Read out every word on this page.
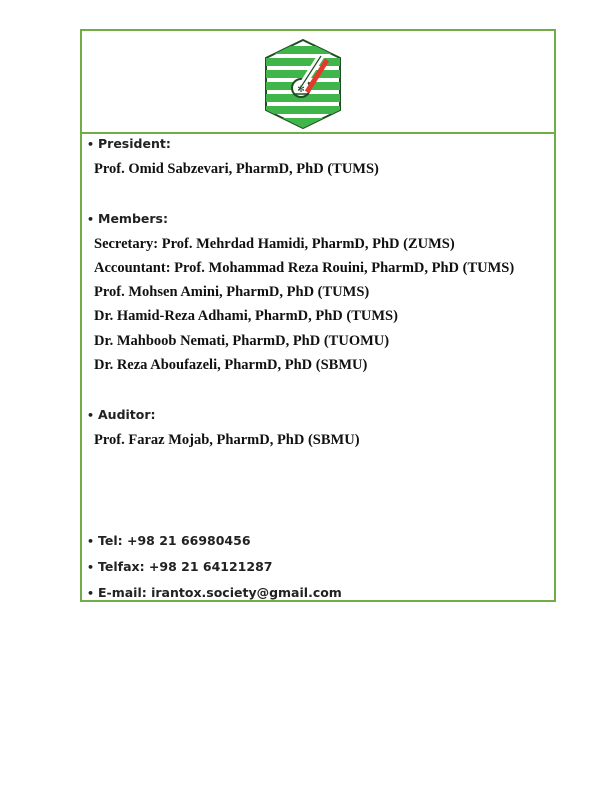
✻
• President:
Prof. Omid Sabzevari, PharmD, PhD (TUMS)
• Members:
Secretary: Prof. Mehrdad Hamidi, PharmD, PhD (ZUMS)
Accountant: Prof. Mohammad Reza Rouini, PharmD, PhD (TUMS)
Prof. Mohsen Amini, PharmD, PhD (TUMS)
Dr. Hamid-Reza Adhami, PharmD, PhD (TUMS)
Dr. Mahboob Nemati, PharmD, PhD (TUOMU)
Dr. Reza Aboufazeli, PharmD, PhD (SBMU)
• Auditor:
Prof. Faraz Mojab, PharmD, PhD (SBMU)
• Tel: +98 21 66980456
• Telfax: +98 21 64121287
• E-mail: irantox.society@gmail.com
